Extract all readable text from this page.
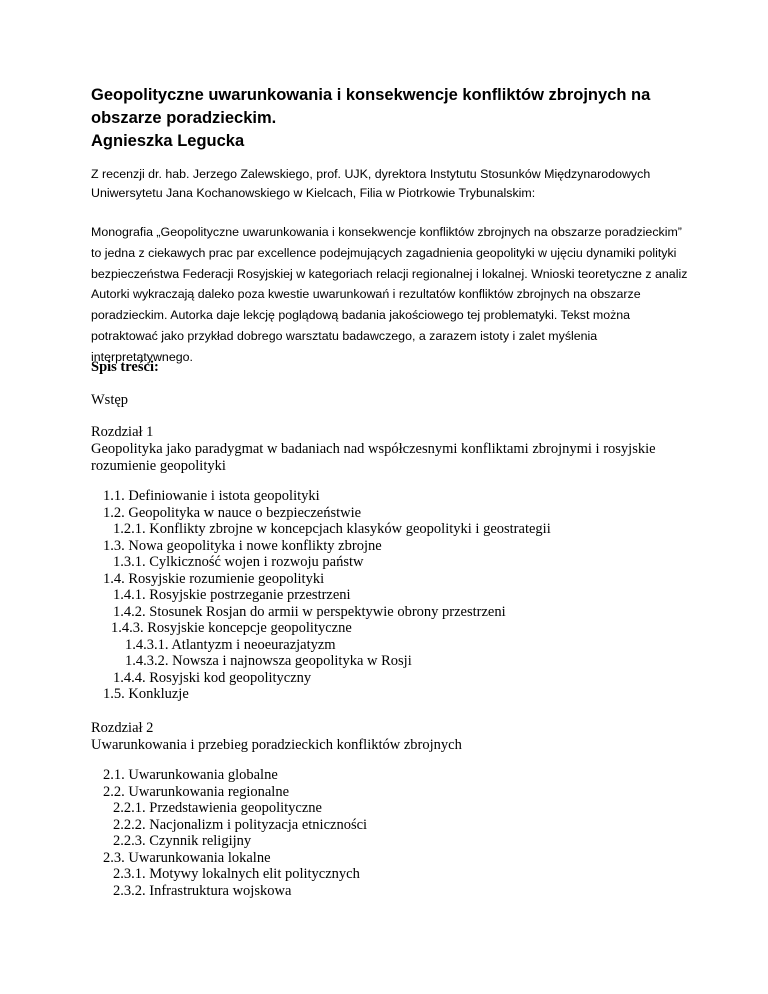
Geopolityczne uwarunkowania i konsekwencje konfliktów zbrojnych na obszarze poradzieckim.
Agnieszka Legucka
Z recenzji dr. hab. Jerzego Zalewskiego, prof. UJK, dyrektora Instytutu Stosunków Międzynarodowych Uniwersytetu Jana Kochanowskiego w Kielcach, Filia w Piotrkowie Trybunalskim:
Monografia „Geopolityczne uwarunkowania i konsekwencje konfliktów zbrojnych na obszarze poradzieckim” to jedna z ciekawych prac par excellence podejmujących zagadnienia geopolityki w ujęciu dynamiki polityki bezpieczeństwa Federacji Rosyjskiej w kategoriach relacji regionalnej i lokalnej. Wnioski teoretyczne z analiz Autorki wykraczają daleko poza kwestie uwarunkowań i rezultatów konfliktów zbrojnych na obszarze poradzieckim. Autorka daje lekcję poglądową badania jakościowego tej problematyki. Tekst można potraktować jako przykład dobrego warsztatu badawczego, a zarazem istoty i zalet myślenia interpretatywnego.
Spis treści:
Wstęp
Rozdział 1
Geopolityka jako paradygmat w badaniach nad współczesnymi konfliktami zbrojnymi i rosyjskie rozumienie geopolityki
1.1. Definiowanie i istota geopolityki
1.2. Geopolityka w nauce o bezpieczeństwie
1.2.1. Konflikty zbrojne w koncepcjach klasyków geopolityki i geostrategii
1.3. Nowa geopolityka i nowe konflikty zbrojne
1.3.1. Cylkiczność wojen i rozwoju państw
1.4. Rosyjskie rozumienie geopolityki
1.4.1. Rosyjskie postrzeganie przestrzeni
1.4.2. Stosunek Rosjan do armii w perspektywie obrony przestrzeni
1.4.3. Rosyjskie koncepcje geopolityczne
1.4.3.1. Atlantyzm i neoeurazjatyzm
1.4.3.2. Nowsza i najnowsza geopolityka w Rosji
1.4.4. Rosyjski kod geopolityczny
1.5. Konkluzje
Rozdział 2
Uwarunkowania i przebieg poradzieckich konfliktów zbrojnych
2.1. Uwarunkowania globalne
2.2. Uwarunkowania regionalne
2.2.1. Przedstawienia geopolityczne
2.2.2. Nacjonalizm i polityzacja etniczności
2.2.3. Czynnik religijny
2.3. Uwarunkowania lokalne
2.3.1. Motywy lokalnych elit politycznych
2.3.2. Infrastruktura wojskowa
